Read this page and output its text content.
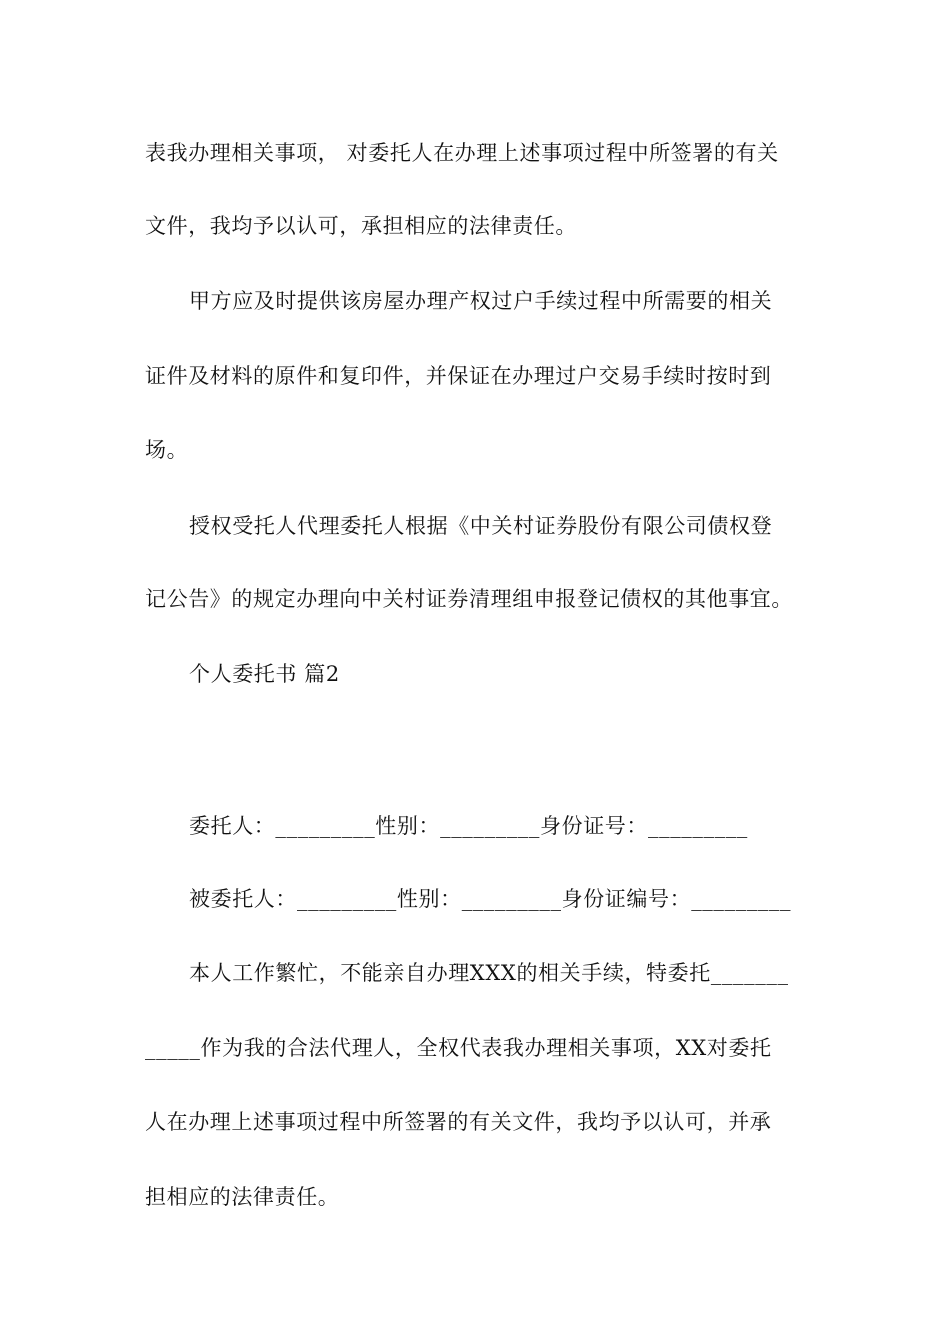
表我办理相关事项， 对委托人在办理上述事项过程中所签署的有关
文件，我均予以认可，承担相应的法律责任。
甲方应及时提供该房屋办理产权过户手续过程中所需要的相关
证件及材料的原件和复印件，并保证在办理过户交易手续时按时到
场。
授权受托人代理委托人根据《中关村证券股份有限公司债权登
记公告》的规定办理向中关村证券清理组申报登记债权的其他事宜。
个人委托书 篇2
委托人：_________性别：_________身份证号：_________
被委托人：_________性别：_________身份证编号：_________
本人工作繁忙，不能亲自办理XXX的相关手续，特委托_______
_____作为我的合法代理人，全权代表我办理相关事项，XX对委托
人在办理上述事项过程中所签署的有关文件，我均予以认可，并承
担相应的法律责任。
